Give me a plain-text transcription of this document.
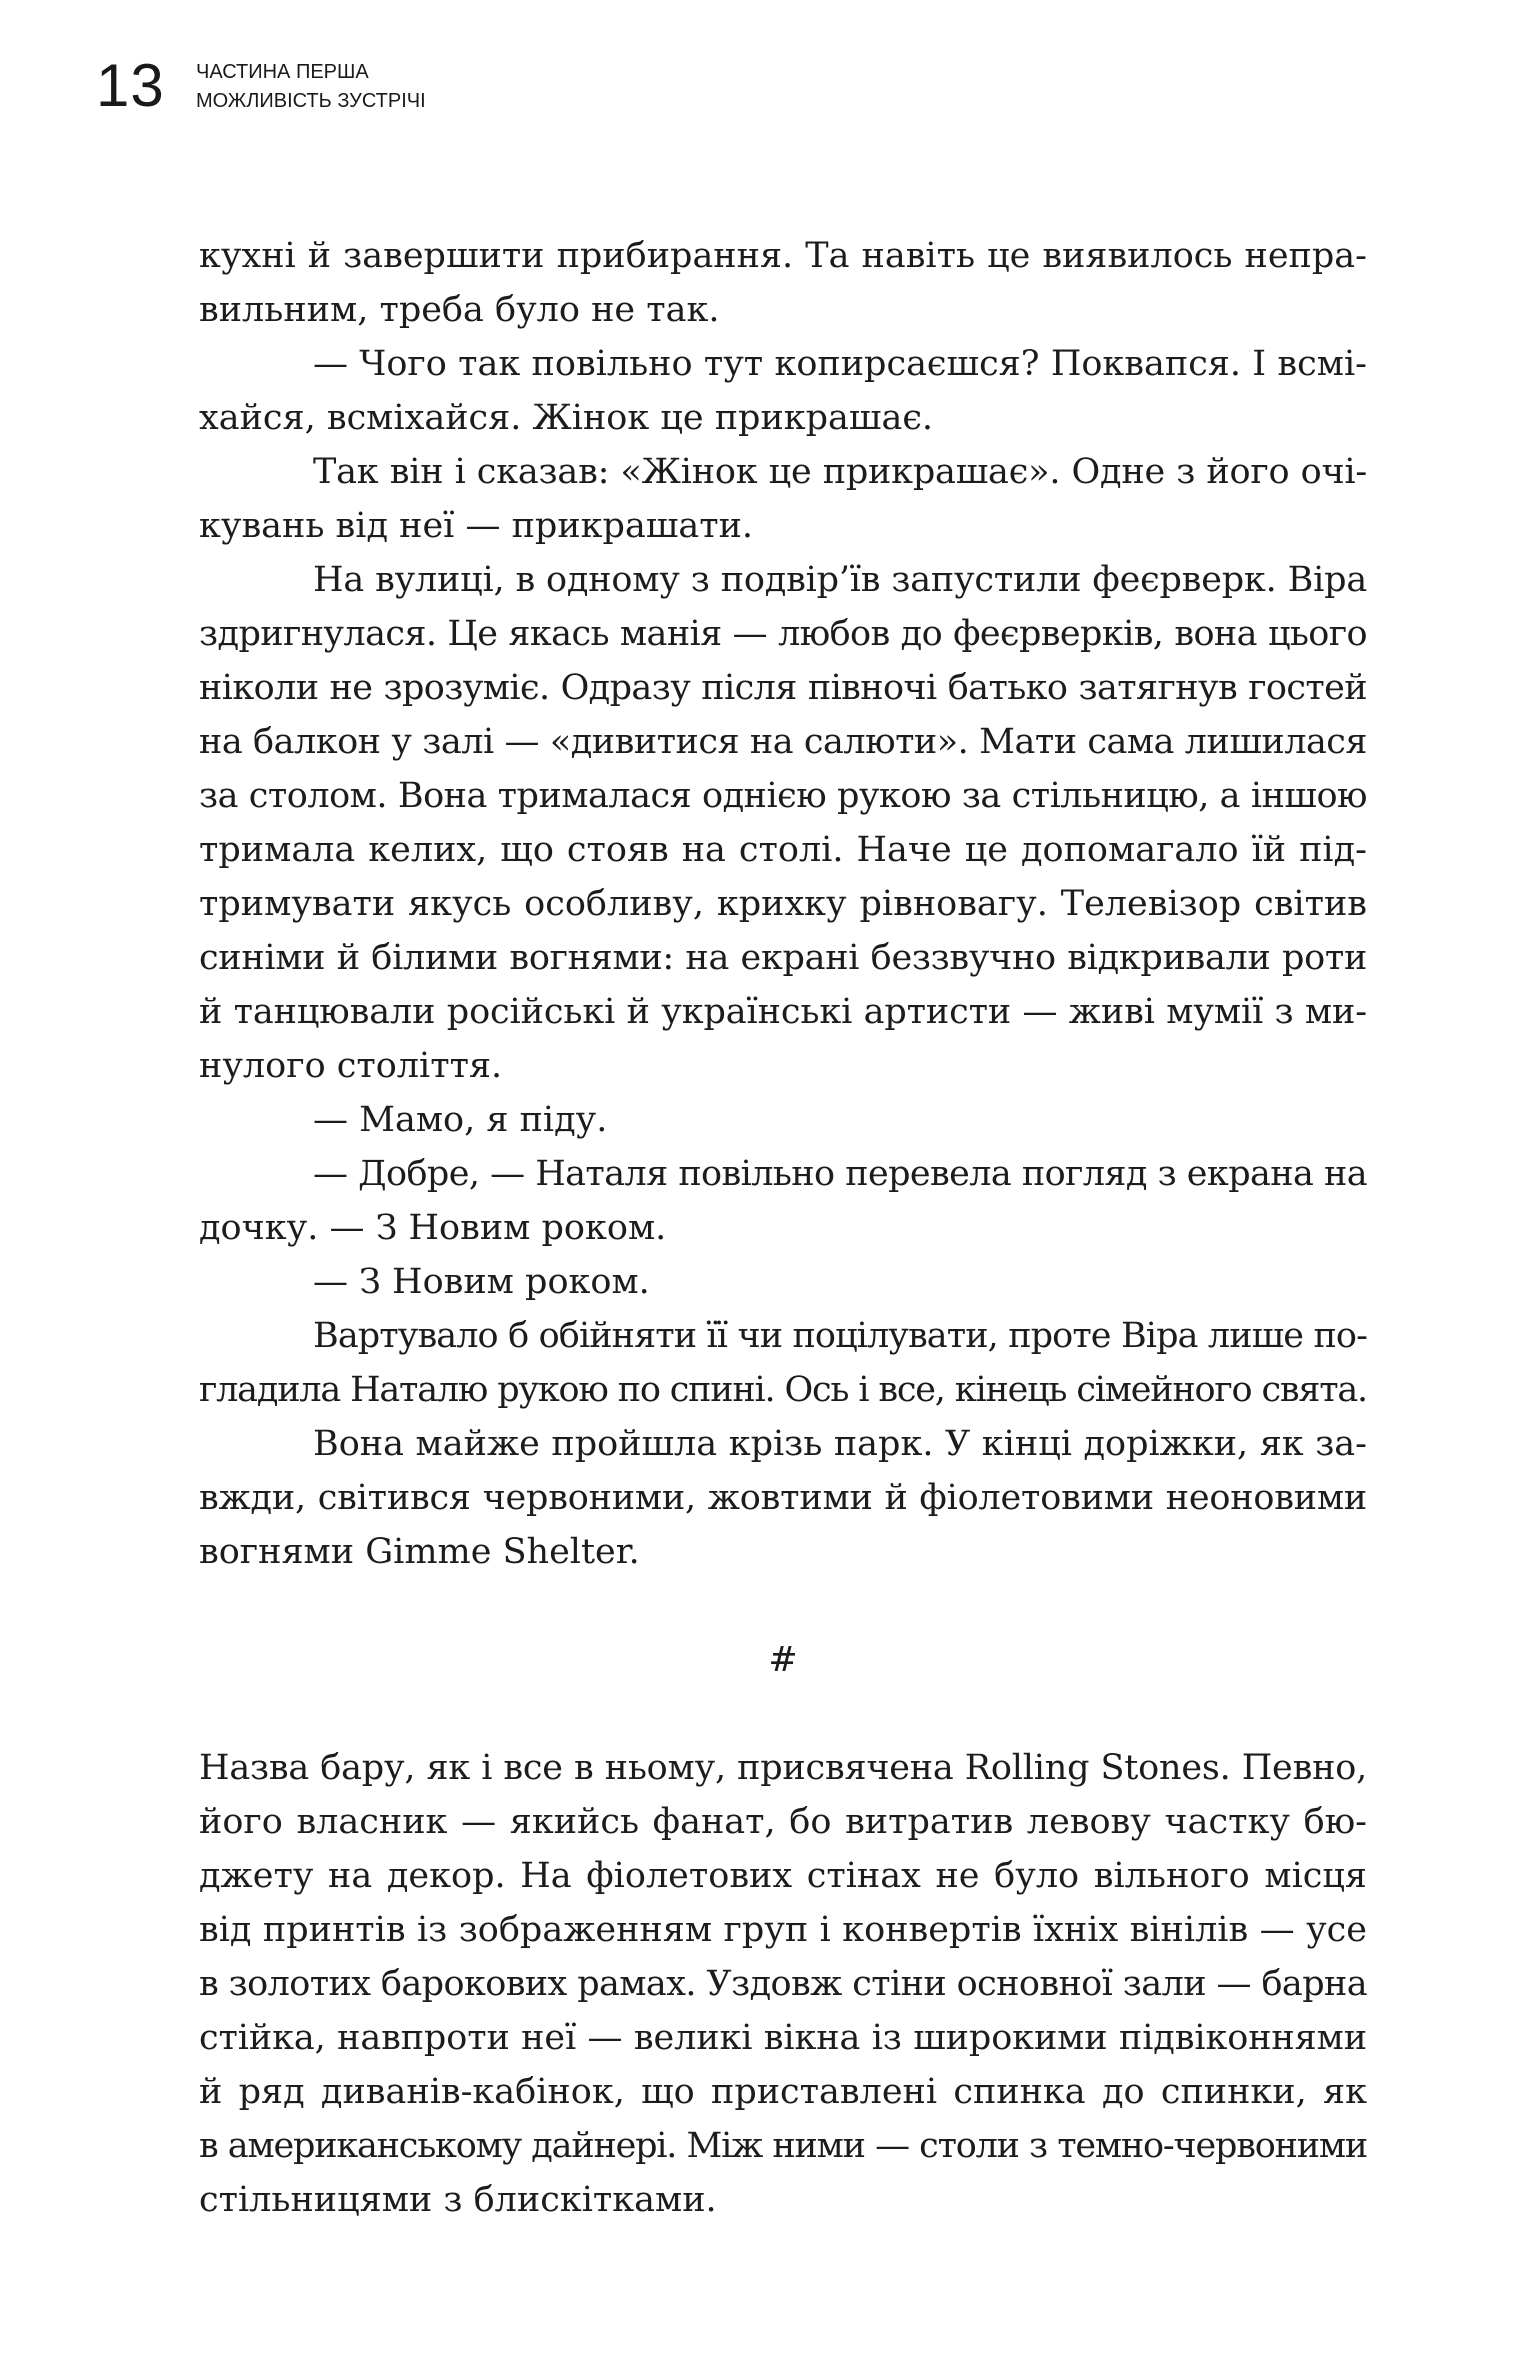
13 ЧАСТИНА ПЕРША
МОЖЛИВІСТЬ ЗУСТРІЧІ
кухні й завершити прибирання. Та навіть це виявилось непра-
вильним, треба було не так.
— Чого так повільно тут копирсаєшся? Поквапся. І всмі-
хайся, всміхайся. Жінок це прикрашає.
Так він і сказав: «Жінок це прикрашає». Одне з його очі-
кувань від неї — прикрашати.
На вулиці, в одному з подвір’їв запустили феєрверк. Віра
здригнулася. Це якась манія — любов до феєрверків, вона цього
ніколи не зрозуміє. Одразу після півночі батько затягнув гостей
на балкон у залі — «дивитися на салюти». Мати сама лишилася
за столом. Вона трималася однією рукою за стільницю, а іншою
тримала келих, що стояв на столі. Наче це допомагало їй під-
тримувати якусь особливу, крихку рівновагу. Телевізор світив
синіми й білими вогнями: на екрані беззвучно відкривали роти
й танцювали російські й українські артисти — живі мумії з ми-
нулого століття.
— Мамо, я піду.
— Добре, — Наталя повільно перевела погляд з екрана на
дочку. — З Новим роком.
— З Новим роком.
Вартувало б обійняти її чи поцілувати, проте Віра лише по-
гладила Наталю рукою по спині. Ось і все, кінець сімейного свята.
Вона майже пройшла крізь парк. У кінці доріжки, як за-
вжди, світився червоними, жовтими й фіолетовими неоновими
вогнями Gimme Shelter.
#
Назва бару, як і все в ньому, присвячена Rolling Stones. Певно,
його власник — якийсь фанат, бо витратив левову частку бю-
джету на декор. На фіолетових стінах не було вільного місця
від принтів із зображенням груп і конвертів їхніх вінілів — усе
в золотих барокових рамах. Уздовж стіни основної зали — барна
стійка, навпроти неї — великі вікна із широкими підвіконнями
й ряд диванів-кабінок, що приставлені спинка до спинки, як
в американському дайнері. Між ними — столи з темно-червоними
стільницями з блискітками.
